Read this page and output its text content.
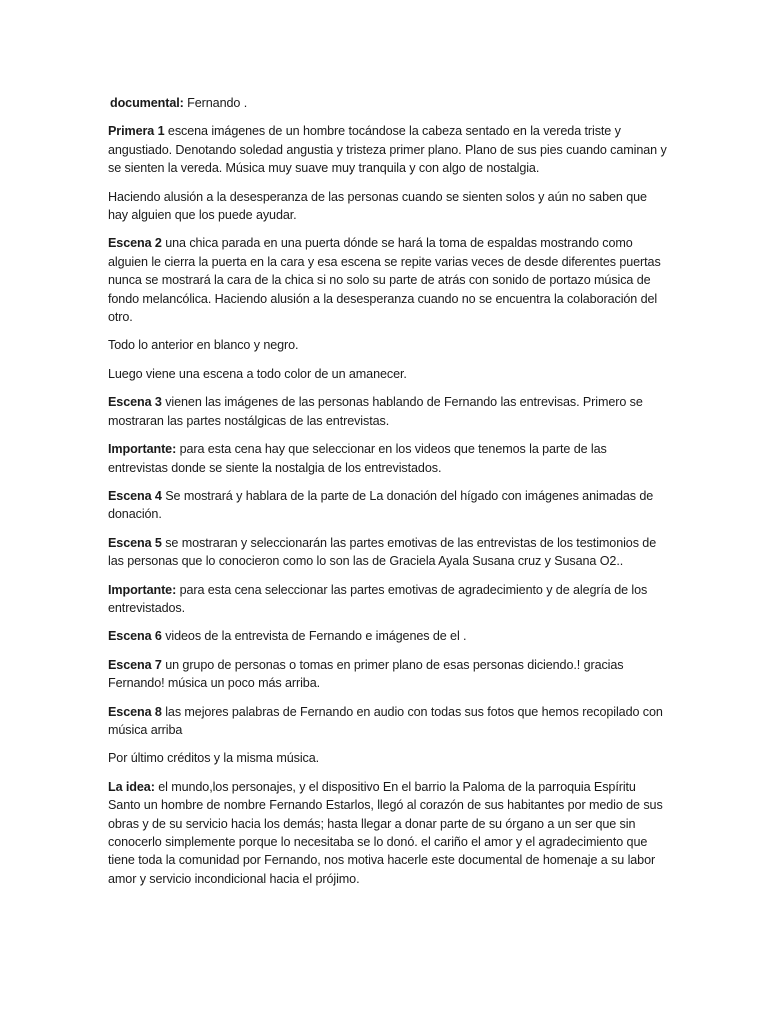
documental: Fernando .

Primera 1 escena imágenes de un hombre tocándose la cabeza sentado en la vereda triste y angustiado. Denotando soledad angustia y tristeza primer plano. Plano de sus pies cuando caminan y se sienten la vereda. Música muy suave muy tranquila y con algo de nostalgia.

Haciendo alusión a la desesperanza de las personas cuando se sienten solos y aún no saben que hay alguien que los puede ayudar.

Escena 2 una chica parada en una puerta dónde se hará la toma de espaldas mostrando como alguien le cierra la puerta en la cara y esa escena se repite varias veces de desde diferentes puertas nunca se mostrará la cara de la chica si no solo su parte de atrás con sonido de portazo música de fondo melancólica. Haciendo alusión a la desesperanza cuando no se encuentra la colaboración del otro.

Todo lo anterior en blanco y negro.

Luego viene una escena a todo color de un amanecer.

Escena 3 vienen las imágenes de las personas hablando de Fernando las entrevisas. Primero se mostraran las partes nostálgicas de las entrevistas.

Importante: para esta cena hay que seleccionar en los videos que tenemos la parte de las entrevistas donde se siente la nostalgia de los entrevistados.

Escena 4 Se mostrará y hablara de la parte de La donación del hígado con imágenes animadas de donación.

Escena 5 se mostraran y seleccionarán las partes emotivas de las entrevistas de los testimonios de las personas que lo conocieron como lo son las de Graciela Ayala Susana cruz y Susana O2..

Importante: para esta cena seleccionar las partes emotivas de agradecimiento y de alegría de los entrevistados.

Escena 6 videos de la entrevista de Fernando e imágenes de el .

Escena 7 un grupo de personas o tomas en primer plano de esas personas diciendo.! gracias Fernando! música un poco más arriba.

Escena 8 las mejores palabras de Fernando en audio con todas sus fotos que hemos recopilado con música arriba

Por último créditos y la misma música.

La idea: el mundo,los personajes, y el dispositivo En el barrio la Paloma de la parroquia Espíritu Santo un hombre de nombre Fernando Estarlos, llegó al corazón de sus habitantes por medio de sus obras y de su servicio hacia los demás; hasta llegar a donar parte de su órgano a un ser que sin conocerlo simplemente porque lo necesitaba se lo donó. el cariño el amor y el agradecimiento que tiene toda la comunidad por Fernando, nos motiva hacerle este documental de homenaje a su labor amor y servicio incondicional hacia el prójimo.
